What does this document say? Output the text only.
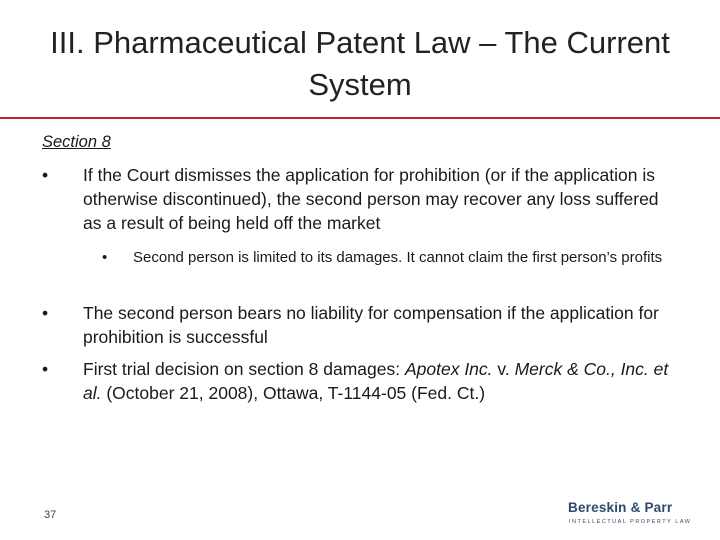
III. Pharmaceutical Patent Law – The Current System
Section 8
•	If the Court dismisses the application for prohibition (or if the application is otherwise discontinued), the second person may recover any loss suffered as a result of being held off the market
• Second person is limited to its damages. It cannot claim the first person’s profits
•	The second person bears no liability for compensation if the application for prohibition is successful
•	First trial decision on section 8 damages: Apotex Inc. v. Merck & Co., Inc. et al. (October 21, 2008), Ottawa, T-1144-05 (Fed. Ct.)
37	Bereskin & Parr
INTELLECTUAL PROPERTY LAW
